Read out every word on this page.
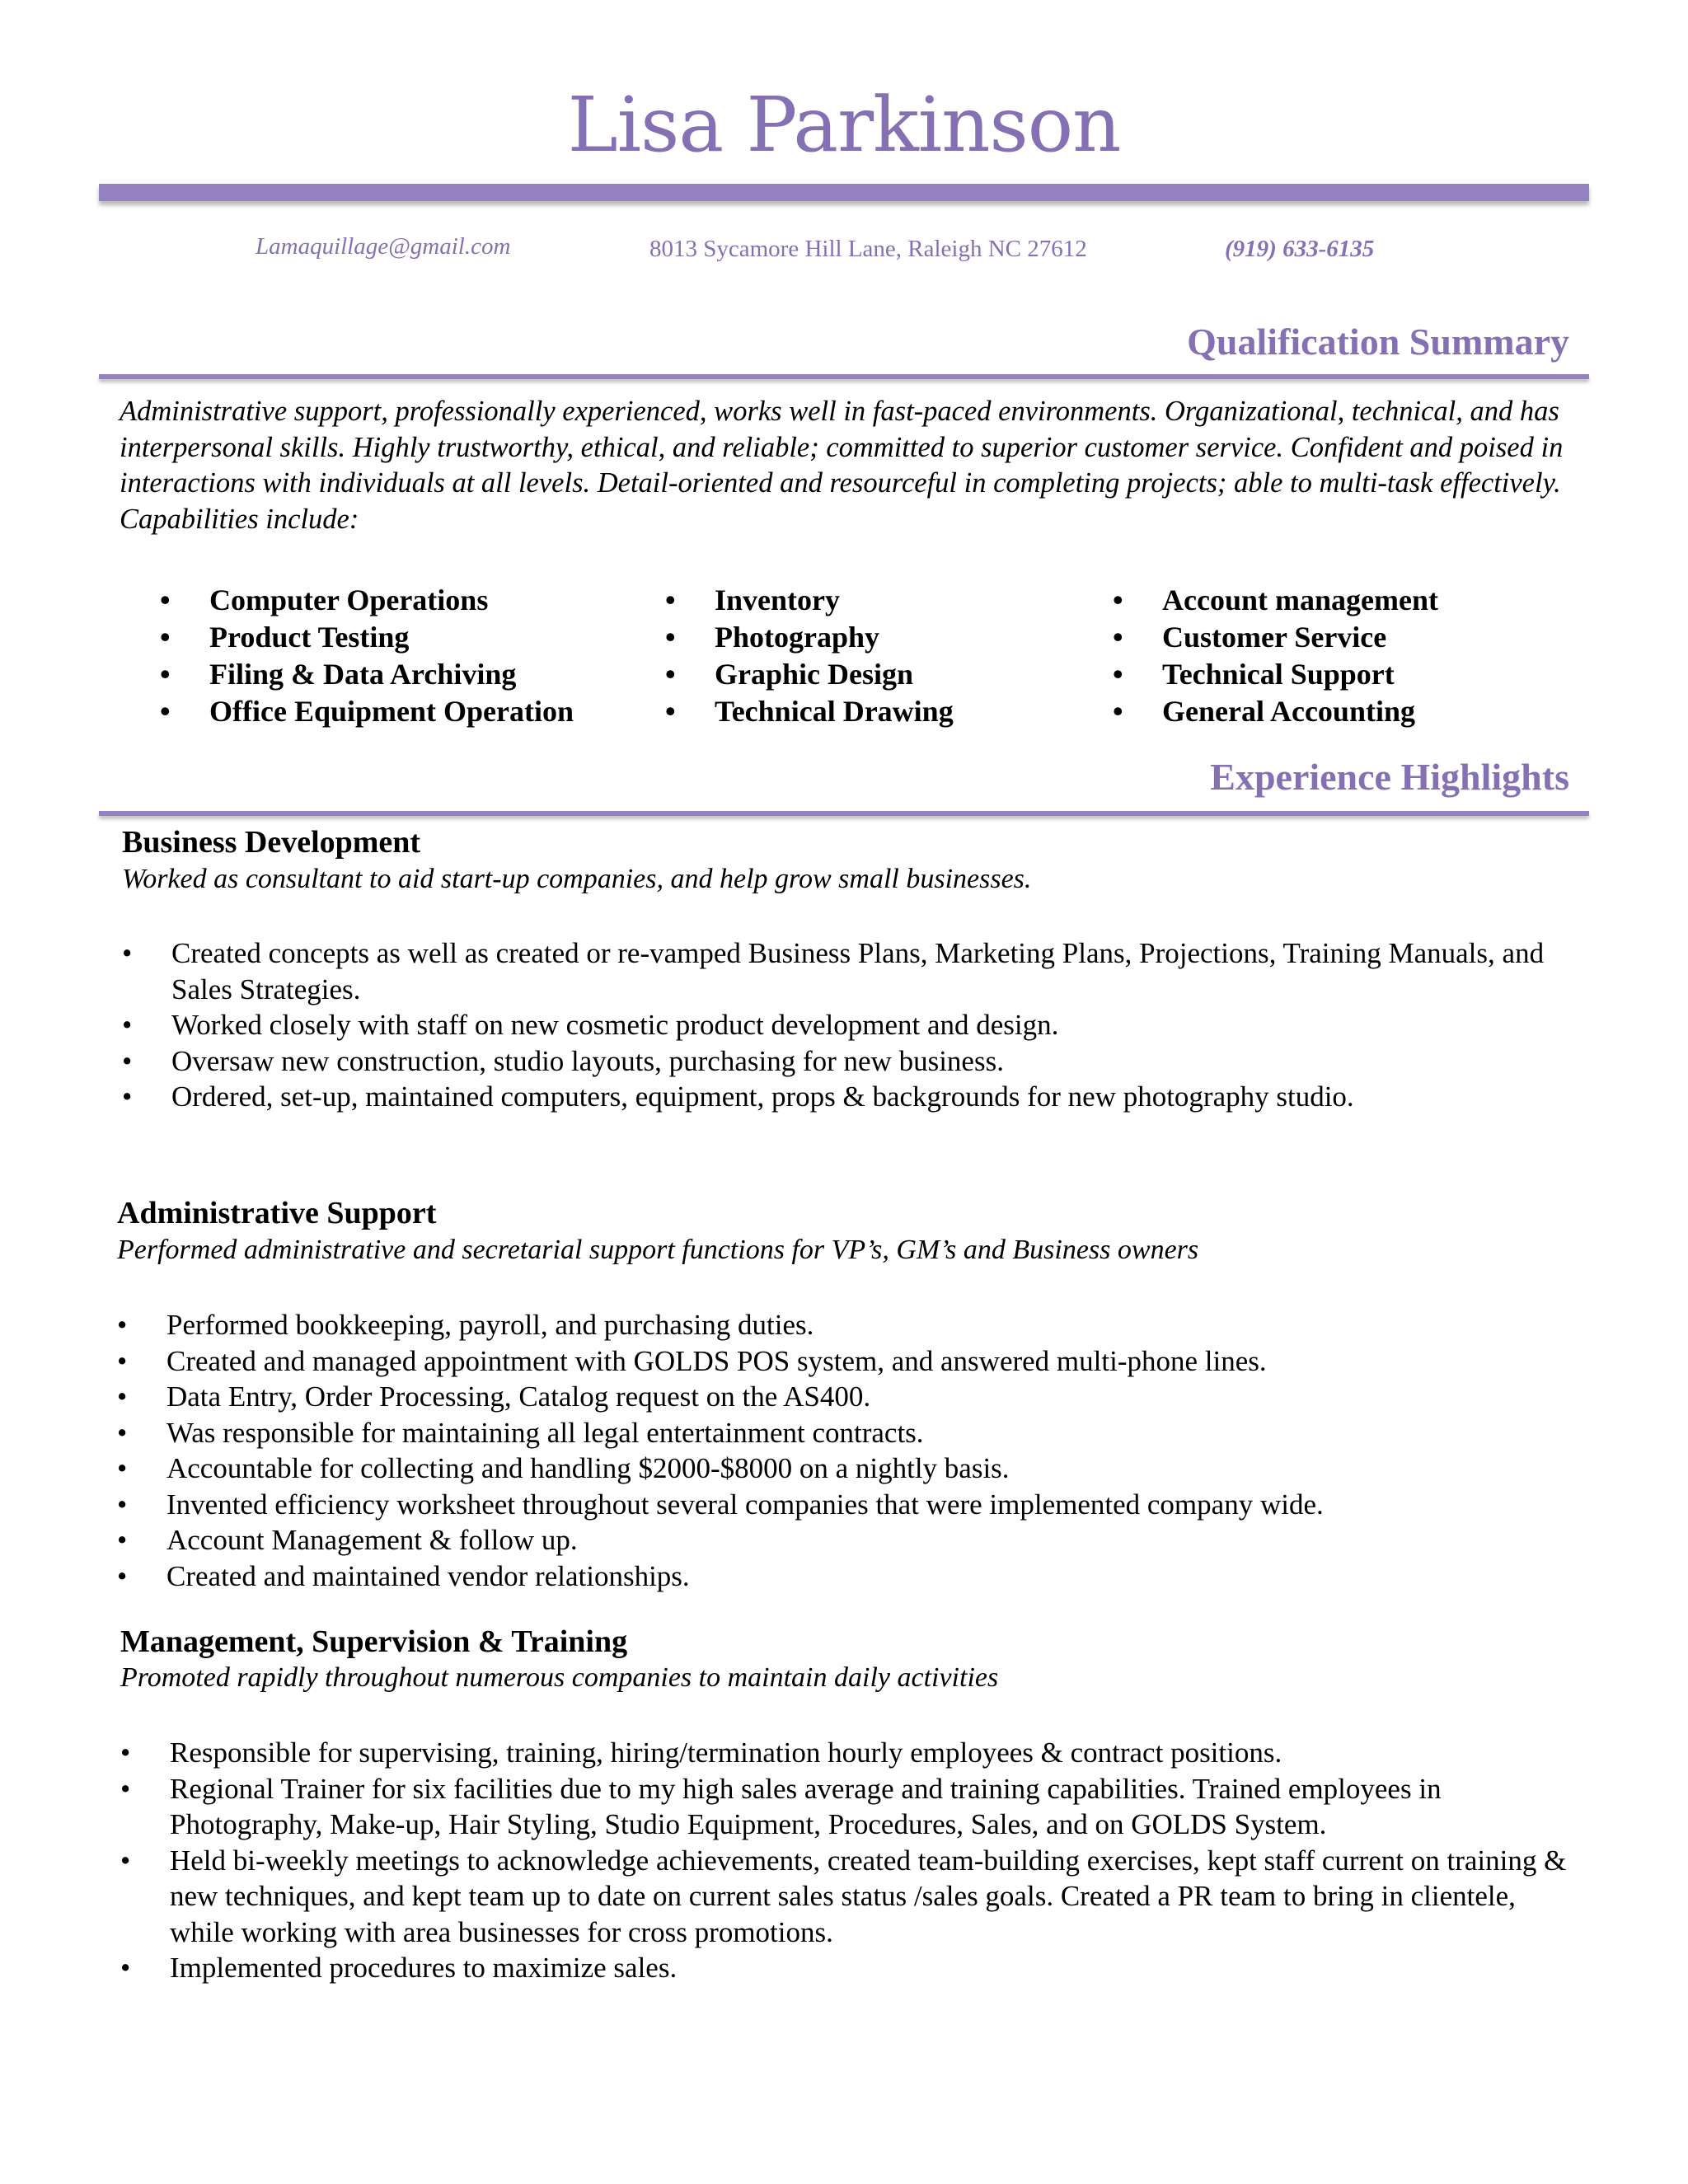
Lisa Parkinson
Lamaquillage@gmail.com	8013 Sycamore Hill Lane, Raleigh NC 27612	(919) 633-6135
Qualification Summary

Administrative support, professionally experienced, works well in fast-paced environments. Organizational, technical, and has interpersonal skills. Highly trustworthy, ethical, and reliable; committed to superior customer service. Confident and poised in interactions with individuals at all levels. Detail-oriented and resourceful in completing projects; able to multi-task effectively. Capabilities include:

• Computer Operations
• Product Testing
• Filing & Data Archiving
• Office Equipment Operation
• Inventory
• Photography
• Graphic Design
• Technical Drawing
• Account management
• Customer Service
• Technical Support
• General Accounting
Experience Highlights
Business Development
Worked as consultant to aid start-up companies, and help grow small businesses.
• Created concepts as well as created or re-vamped Business Plans, Marketing Plans, Projections, Training Manuals, and Sales Strategies.
• Worked closely with staff on new cosmetic product development and design.
• Oversaw new construction, studio layouts, purchasing for new business.
• Ordered, set-up, maintained computers, equipment, props & backgrounds for new photography studio.
Administrative Support
Performed administrative and secretarial support functions for VP’s, GM’s and Business owners
• Performed bookkeeping, payroll, and purchasing duties.
• Created and managed appointment with GOLDS POS system, and answered multi-phone lines.
• Data Entry, Order Processing, Catalog request on the AS400.
• Was responsible for maintaining all legal entertainment contracts.
• Accountable for collecting and handling $2000-$8000 on a nightly basis.
• Invented efficiency worksheet throughout several companies that were implemented company wide.
• Account Management & follow up.
• Created and maintained vendor relationships.
Management, Supervision & Training
Promoted rapidly throughout numerous companies to maintain daily activities
• Responsible for supervising, training, hiring/termination hourly employees & contract positions.
• Regional Trainer for six facilities due to my high sales average and training capabilities. Trained employees in Photography, Make-up, Hair Styling, Studio Equipment, Procedures, Sales, and on GOLDS System.
• Held bi-weekly meetings to acknowledge achievements, created team-building exercises, kept staff current on training & new techniques, and kept team up to date on current sales status /sales goals. Created a PR team to bring in clientele, while working with area businesses for cross promotions.
• Implemented procedures to maximize sales.
